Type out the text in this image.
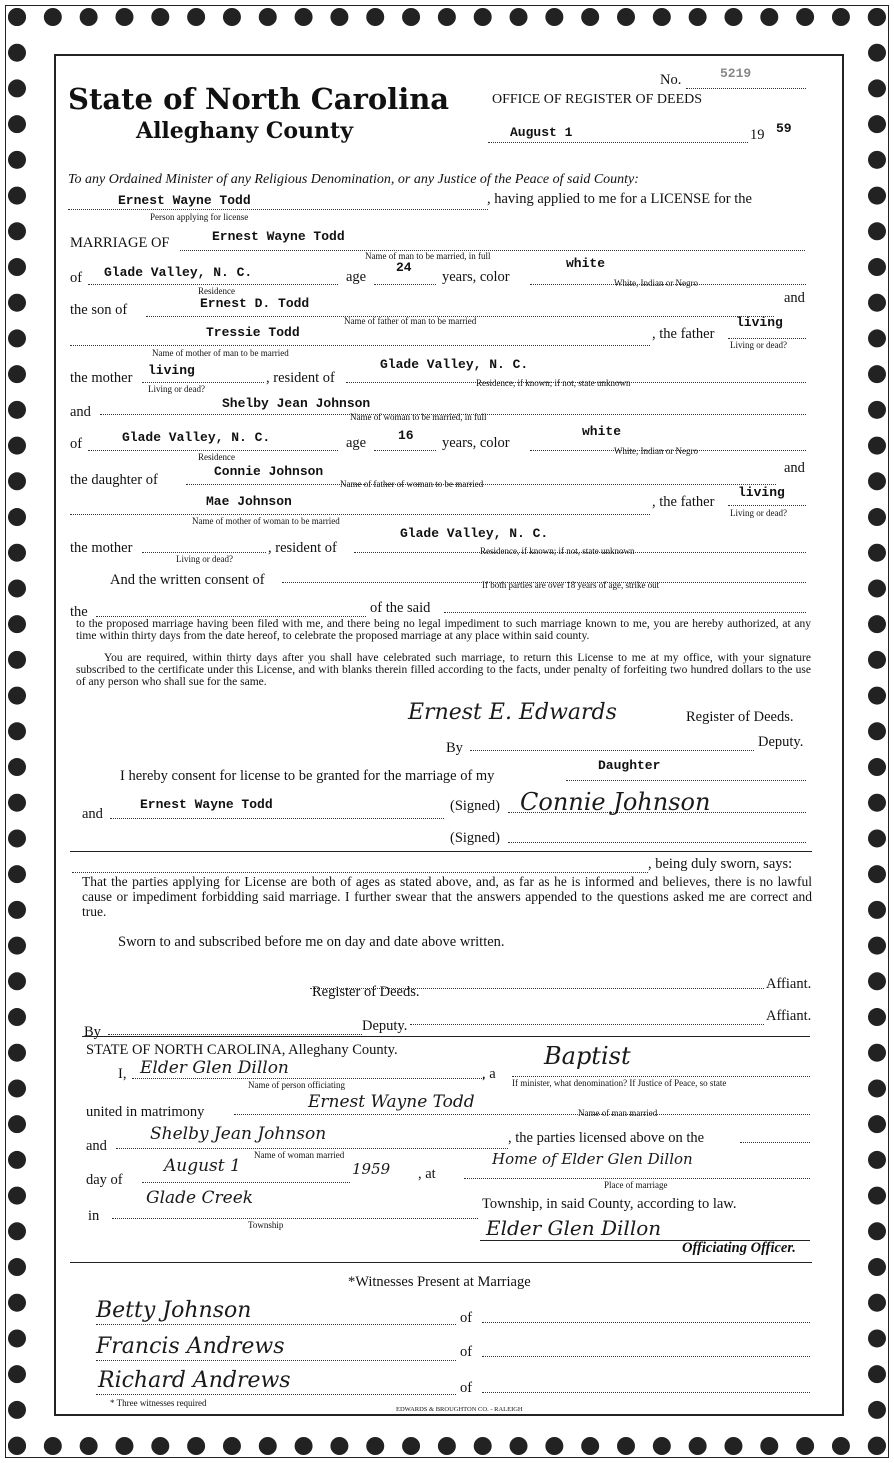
State of North Carolina
Alleghany County
No.	5219
OFFICE OF REGISTER OF DEEDS
August 1	19 59
To any Ordained Minister of any Religious Denomination, or any Justice of the Peace of said County:
Ernest Wayne Todd
Person applying for license
, having applied to me for a LICENSE for the
MARRIAGE OF	Ernest Wayne Todd
Name of man to be married, in full
of Glade Valley, N. C.
Residence
age
24
years, color
white
White, Indian or Negro
the son of	Ernest D. Todd
Name of father of man to be married
and
Tressie Todd
Name of mother of man to be married
, the father
living
Living or dead?
the mother living
Living or dead?
, resident of
Glade Valley, N. C.
Residence, if known; if not, state unknown
and
Shelby Jean Johnson
Name of woman to be married, in full
of	Glade Valley, N. C.
Residence
age 16 years, color
white
White, Indian or Negro
the daughter of
Connie Johnson
Name of father of woman to be married
and
Mae Johnson
Name of mother of woman to be married
, the father
living
Living or dead?
the mother
Living or dead?
, resident of
Glade Valley, N. C.
Residence, if known; if not, state unknown
And the written consent of	If both parties are over 18 years of age, strike out
the	of the said
to the proposed marriage having been filed with me, and there being no legal impediment to such marriage known to me, you are hereby authorized, at any time within thirty days from the date hereof, to celebrate the proposed marriage at any place within said county.
You are required, within thirty days after you shall have celebrated such marriage, to return this License to me at my office, with your signature subscribed to the certificate under this License, and with blanks therein filled according to the facts, under penalty of forfeiting two hundred dollars to the use of any person who shall sue for the same.
Ernest E. Edwards	Register of Deeds.
By	Deputy.
I hereby consent for license to be granted for the marriage of my
Daughter
and
Ernest Wayne Todd	(Signed) Connie Johnson
(Signed)
, being duly sworn, says:
That the parties applying for License are both of ages as stated above, and, as far as he is informed and believes, there is no lawful cause or impediment forbidding said marriage. I further swear that the answers appended to the questions asked me are correct and true.
Sworn to and subscribed before me on day and date above written.
Affiant.
Register of Deeds.
By	Deputy.
Affiant.
STATE OF NORTH CAROLINA, Alleghany County.
I, Elder Glen Dillon
Name of person officiating
, a
Baptist
If minister, what denomination? If Justice of Peace, so state
united in matrimony	Ernest Wayne Todd
Name of man married
and
Shelby Jean Johnson
Name of woman married
, the parties licensed above on the
day of
August 1	1959 , at
Home of Elder Glen Dillon
Place of marriage
in
Glade Creek
Township
Township, in said County, according to law.
Elder Glen Dillon
Officiating Officer.
*Witnesses Present at Marriage
Betty Johnson	of
Francis Andrews	of
Richard Andrews	of
* Three witnesses required
EDWARDS & BROUGHTON CO. - RALEIGH
